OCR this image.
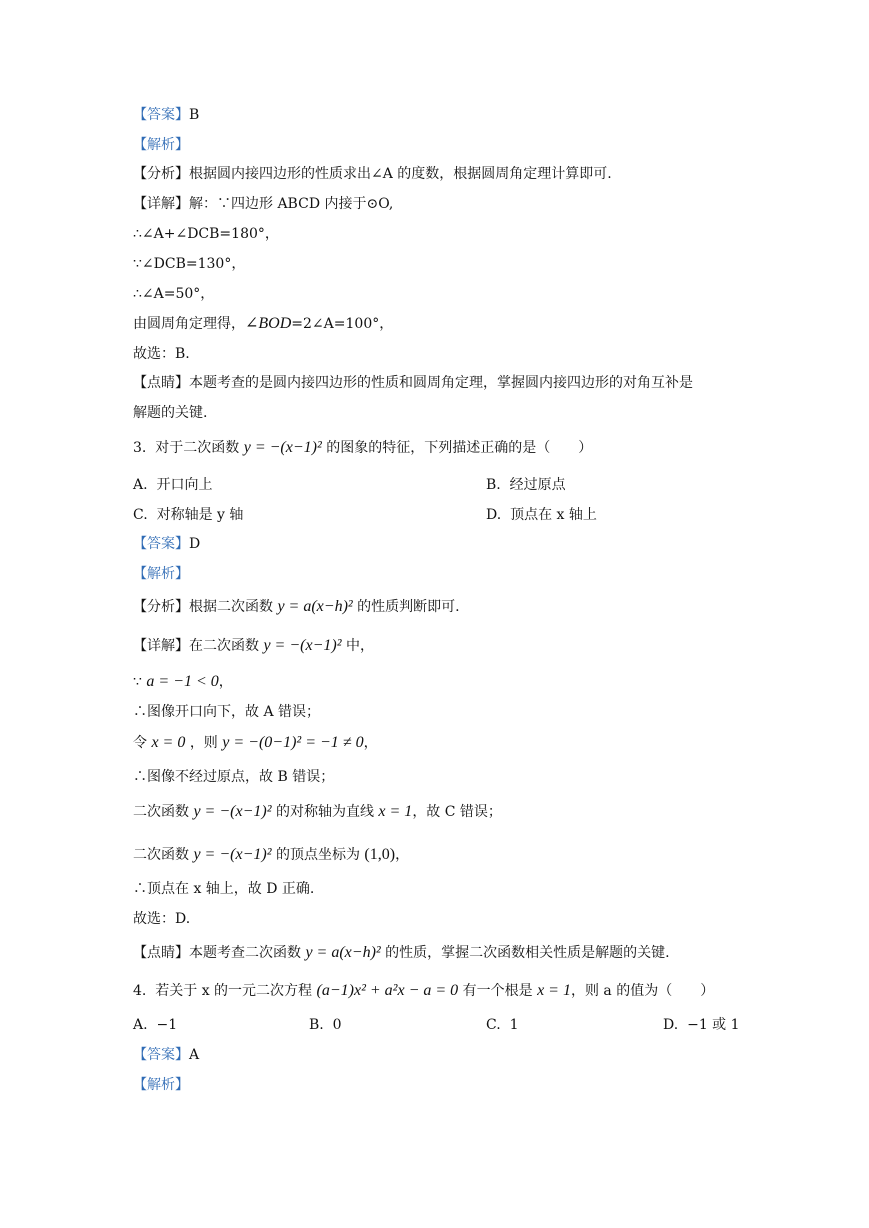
【答案】B
【解析】
【分析】根据圆内接四边形的性质求出∠A 的度数，根据圆周角定理计算即可.
【详解】解：∵四边形 ABCD 内接于⊙O,
∴∠A+∠DCB=180°，
∵∠DCB=130°，
∴∠A=50°，
由圆周角定理得，∠BOD=2∠A=100°，
故选：B.
【点睛】本题考查的是圆内接四边形的性质和圆周角定理，掌握圆内接四边形的对角互补是
解题的关键.
3. 对于二次函数 y = −(x−1)² 的图象的特征，下列描述正确的是（　　）
A. 开口向上	B. 经过原点
C. 对称轴是 y 轴	D. 顶点在 x 轴上
【答案】D
【解析】
【分析】根据二次函数 y = a(x−h)² 的性质判断即可.
【详解】在二次函数 y = −(x−1)² 中，
∵ a = −1 < 0，
∴图像开口向下，故 A 错误；
令 x = 0 ，则 y = −(0−1)² = −1 ≠ 0，
∴图像不经过原点，故 B 错误；
二次函数 y = −(x−1)² 的对称轴为直线 x = 1，故 C 错误；
二次函数 y = −(x−1)² 的顶点坐标为 (1,0)，
∴顶点在 x 轴上，故 D 正确.
故选：D.
【点睛】本题考查二次函数 y = a(x−h)² 的性质，掌握二次函数相关性质是解题的关键.
4. 若关于 x 的一元二次方程 (a−1)x² + a²x − a = 0 有一个根是 x = 1，则 a 的值为（　　）
A. −1	B. 0	C. 1	D. −1 或 1
【答案】A
【解析】
